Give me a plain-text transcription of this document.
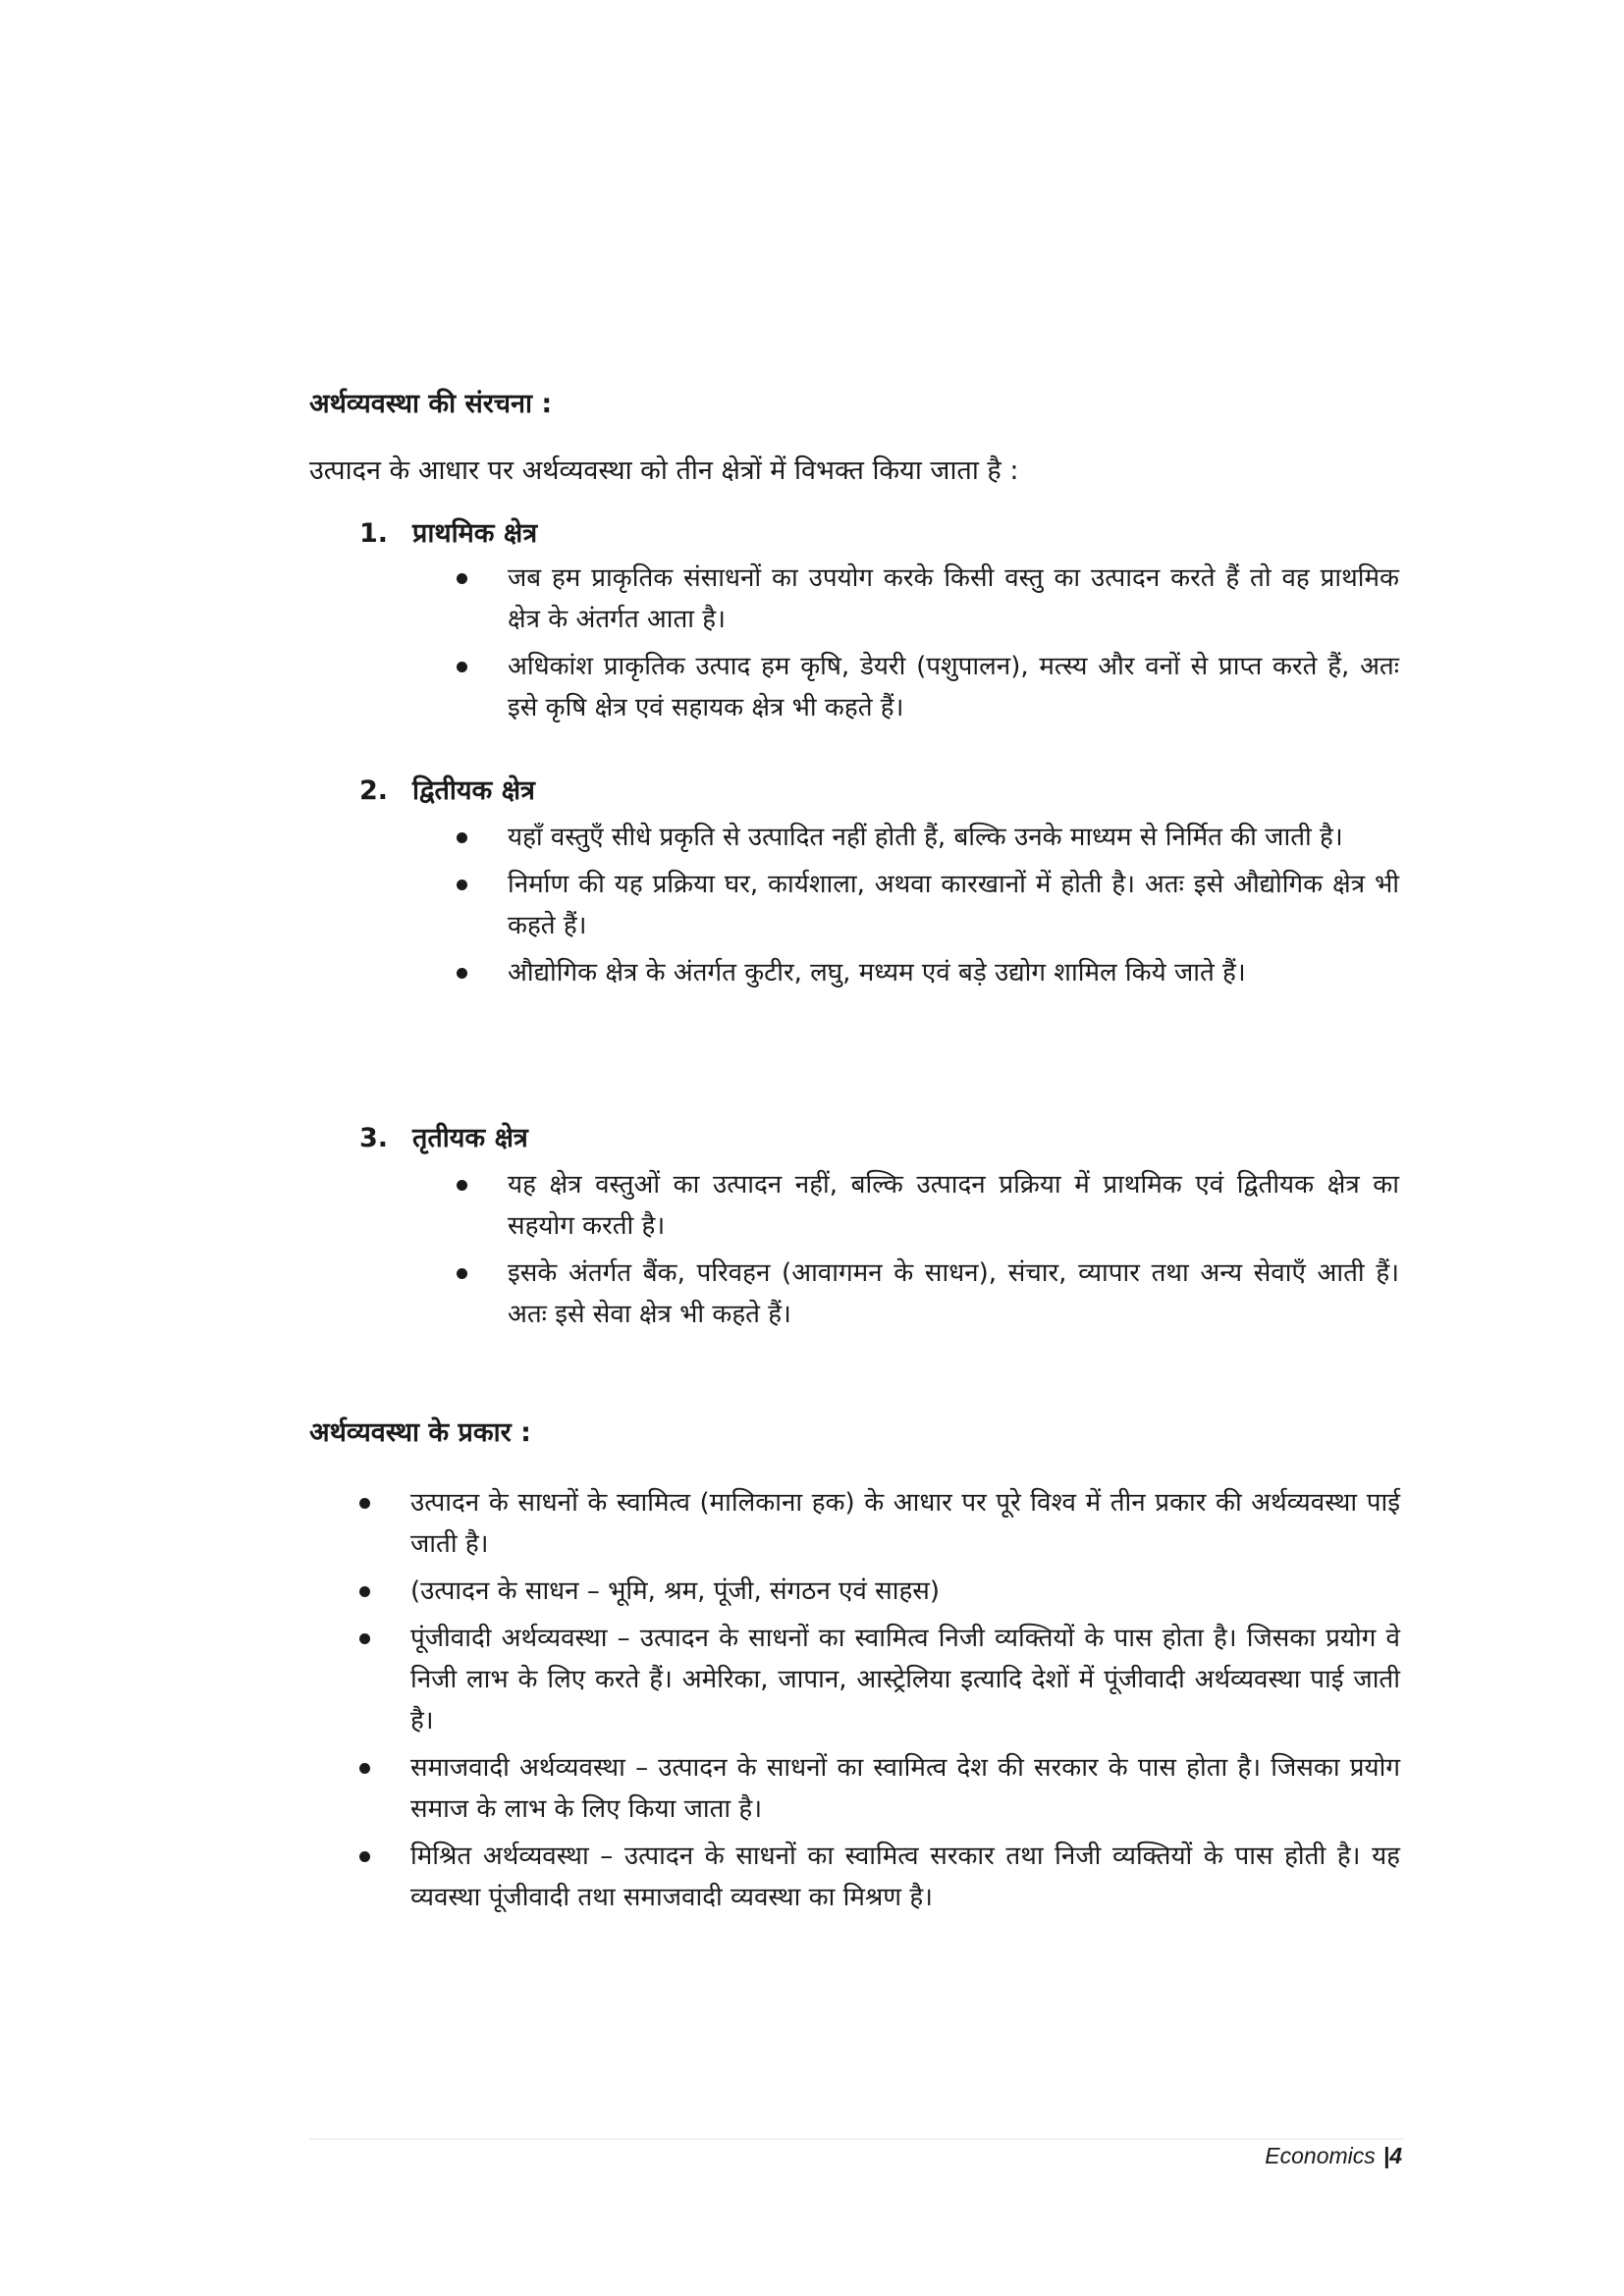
अर्थव्यवस्था की संरचना :
उत्पादन के आधार पर अर्थव्यवस्था को तीन क्षेत्रों में विभक्त किया जाता है :
1. प्राथमिक क्षेत्र
जब हम प्राकृतिक संसाधनों का उपयोग करके किसी वस्तु का उत्पादन करते हैं तो वह प्राथमिक क्षेत्र के अंतर्गत आता है।
अधिकांश प्राकृतिक उत्पाद हम कृषि, डेयरी (पशुपालन), मत्स्य और वनों से प्राप्त करते हैं, अतः इसे कृषि क्षेत्र एवं सहायक क्षेत्र भी कहते हैं।
2. द्वितीयक क्षेत्र
यहाँ वस्तुएँ सीधे प्रकृति से उत्पादित नहीं होती हैं, बल्कि उनके माध्यम से निर्मित की जाती है।
निर्माण की यह प्रक्रिया घर, कार्यशाला, अथवा कारखानों में होती है। अतः इसे औद्योगिक क्षेत्र भी कहते हैं।
औद्योगिक क्षेत्र के अंतर्गत कुटीर, लघु, मध्यम एवं बड़े उद्योग शामिल किये जाते हैं।
3. तृतीयक क्षेत्र
यह क्षेत्र वस्तुओं का उत्पादन नहीं, बल्कि उत्पादन प्रक्रिया में प्राथमिक एवं द्वितीयक क्षेत्र का सहयोग करती है।
इसके अंतर्गत बैंक, परिवहन (आवागमन के साधन), संचार, व्यापार तथा अन्य सेवाएँ आती हैं। अतः इसे सेवा क्षेत्र भी कहते हैं।
अर्थव्यवस्था के प्रकार :
उत्पादन के साधनों के स्वामित्व (मालिकाना हक) के आधार पर पूरे विश्व में तीन प्रकार की अर्थव्यवस्था पाई जाती है।
(उत्पादन के साधन – भूमि, श्रम, पूंजी, संगठन एवं साहस)
पूंजीवादी अर्थव्यवस्था – उत्पादन के साधनों का स्वामित्व निजी व्यक्तियों के पास होता है। जिसका प्रयोग वे निजी लाभ के लिए करते हैं। अमेरिका, जापान, आस्ट्रेलिया इत्यादि देशों में पूंजीवादी अर्थव्यवस्था पाई जाती है।
समाजवादी अर्थव्यवस्था – उत्पादन के साधनों का स्वामित्व देश की सरकार के पास होता है। जिसका प्रयोग समाज के लाभ के लिए किया जाता है।
मिश्रित अर्थव्यवस्था – उत्पादन के साधनों का स्वामित्व सरकार तथा निजी व्यक्तियों के पास होती है। यह व्यवस्था पूंजीवादी तथा समाजवादी व्यवस्था का मिश्रण है।
Economics |4
